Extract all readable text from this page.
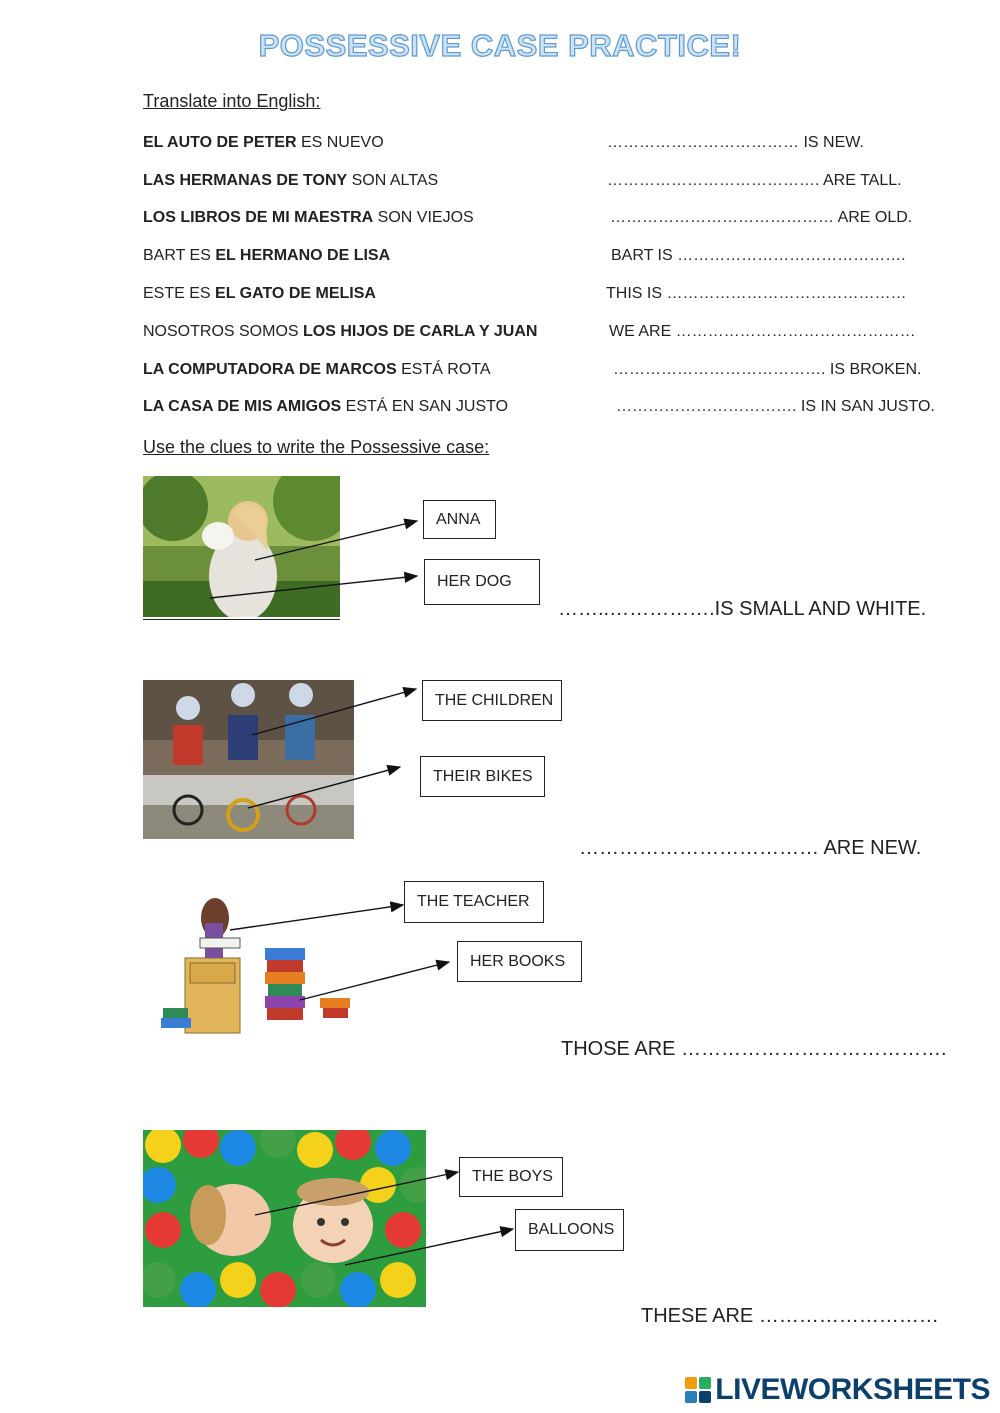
POSSESSIVE CASE PRACTICE!
Translate into English:
EL AUTO DE PETER ES NUEVO	……………………………… IS NEW.
LAS HERMANAS DE TONY SON ALTAS	…………………………………. ARE TALL.
LOS LIBROS DE MI MAESTRA SON VIEJOS	…………………………………… ARE OLD.
BART ES EL HERMANO DE LISA	BART IS …………………………………….
ESTE ES EL GATO DE MELISA	THIS IS ………………………………………
NOSOTROS SOMOS LOS HIJOS DE CARLA Y JUAN	WE ARE ………………………………………
LA COMPUTADORA DE MARCOS ESTÁ ROTA	…………………………………. IS BROKEN.
LA CASA DE MIS AMIGOS ESTÁ EN SAN JUSTO	……………………………. IS IN SAN JUSTO.
Use the clues to write the Possessive case:
ANNA
HER DOG
……..…………….IS SMALL AND WHITE.
THE CHILDREN
THEIR BIKES
……………………………… ARE NEW.
THE TEACHER
HER BOOKS
THOSE ARE ………………………………….
THE BOYS
BALLOONS
THESE ARE ………………………
LIVEWORKSHEETS
